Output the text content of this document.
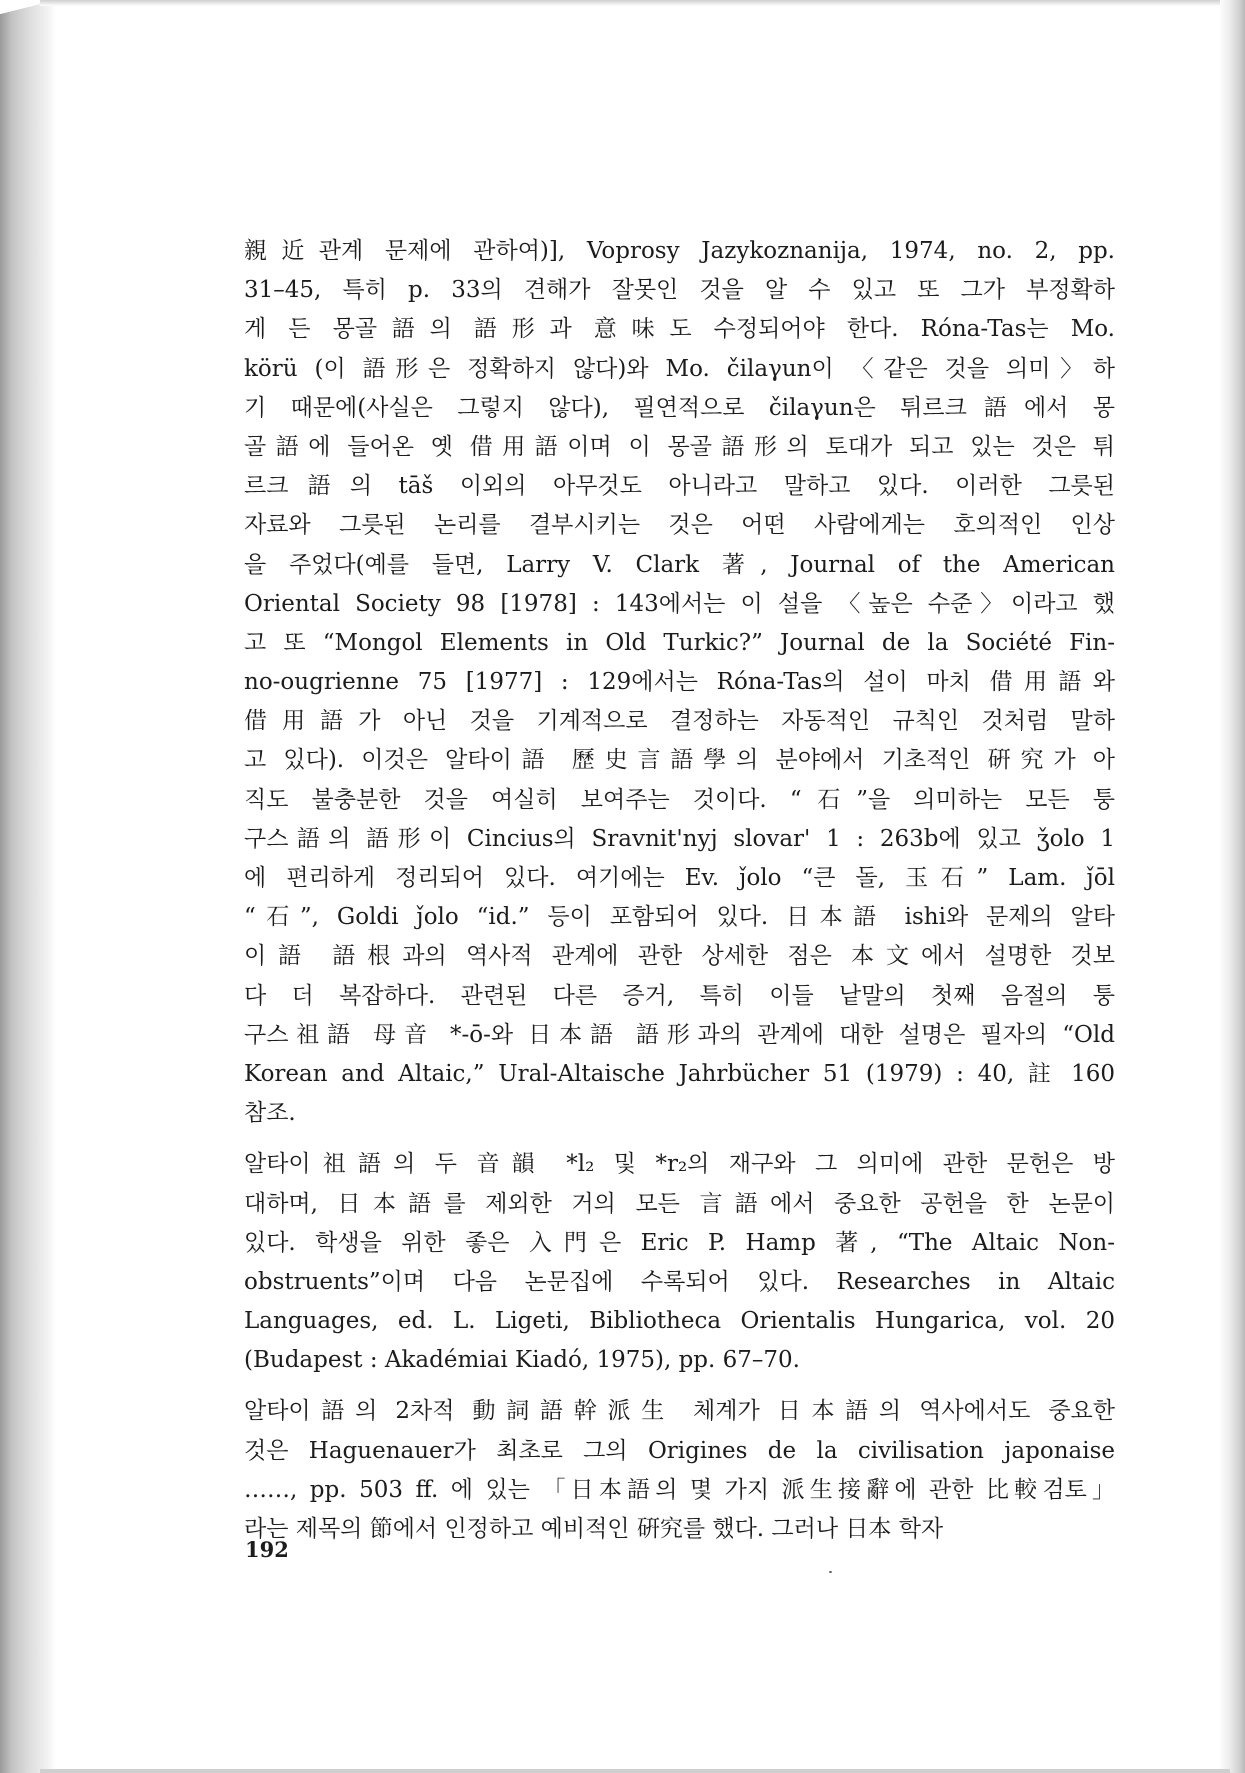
親近관계 문제에 관하여)], Voprosy Jazykoznanija, 1974, no. 2, pp.
31–45, 특히 p. 33의 견해가 잘못인 것을 알 수 있고 또 그가 부정확하
게 든 몽골語의 語形과 意味도 수정되어야 한다. Róna-Tas는 Mo.
körü (이 語形은 정확하지 않다)와 Mo. čilaγun이 〈같은 것을 의미〉하
기 때문에(사실은 그렇지 않다), 필연적으로 čilaγun은 튀르크語에서 몽
골語에 들어온 옛 借用語이며 이 몽골語形의 토대가 되고 있는 것은 튀
르크語의 tāš 이외의 아무것도 아니라고 말하고 있다. 이러한 그릇된
자료와 그릇된 논리를 결부시키는 것은 어떤 사람에게는 호의적인 인상
을 주었다(예를 들면, Larry V. Clark 著, Journal of the American
Oriental Society 98 [1978] : 143에서는 이 설을 〈높은 수준〉이라고 했
고 또 “Mongol Elements in Old Turkic?” Journal de la Société Fin-
no-ougrienne 75 [1977] : 129에서는 Róna-Tas의 설이 마치 借用語와
借用語가 아닌 것을 기계적으로 결정하는 자동적인 규칙인 것처럼 말하
고 있다). 이것은 알타이語 歷史言語學의 분야에서 기초적인 硏究가 아
직도 불충분한 것을 여실히 보여주는 것이다. “石”을 의미하는 모든 퉁
구스語의 語形이 Cincius의 Sravnit'nyj slovar' 1 : 263b에 있고 ǯolo 1
에 편리하게 정리되어 있다. 여기에는 Ev. ǰolo “큰 돌, 玉石” Lam. ǰōl
“石”, Goldi ǰolo “id.” 등이 포함되어 있다. 日本語 ishi와 문제의 알타
이語 語根과의 역사적 관계에 관한 상세한 점은 本文에서 설명한 것보
다 더 복잡하다. 관련된 다른 증거, 특히 이들 낱말의 첫째 음절의 퉁
구스祖語 母音 *-ō-와 日本語 語形과의 관계에 대한 설명은 필자의 “Old
Korean and Altaic,” Ural-Altaische Jahrbücher 51 (1979) : 40, 註 160
참조.
알타이祖語의 두 音韻 *l₂ 및 *r₂의 재구와 그 의미에 관한 문헌은 방
대하며, 日本語를 제외한 거의 모든 言語에서 중요한 공헌을 한 논문이
있다. 학생을 위한 좋은 入門은 Eric P. Hamp 著, “The Altaic Non-
obstruents”이며 다음 논문집에 수록되어 있다. Researches in Altaic
Languages, ed. L. Ligeti, Bibliotheca Orientalis Hungarica, vol. 20
(Budapest : Akadémiai Kiadó, 1975), pp. 67–70.
알타이語의 2차적 動詞語幹派生 체계가 日本語의 역사에서도 중요한
것은 Haguenauer가 최초로 그의 Origines de la civilisation japonaise
……, pp. 503 ff. 에 있는 「日本語의 몇 가지 派生接辭에 관한 比較검토」
라는 제목의 節에서 인정하고 예비적인 硏究를 했다. 그러나 日本 학자
192
